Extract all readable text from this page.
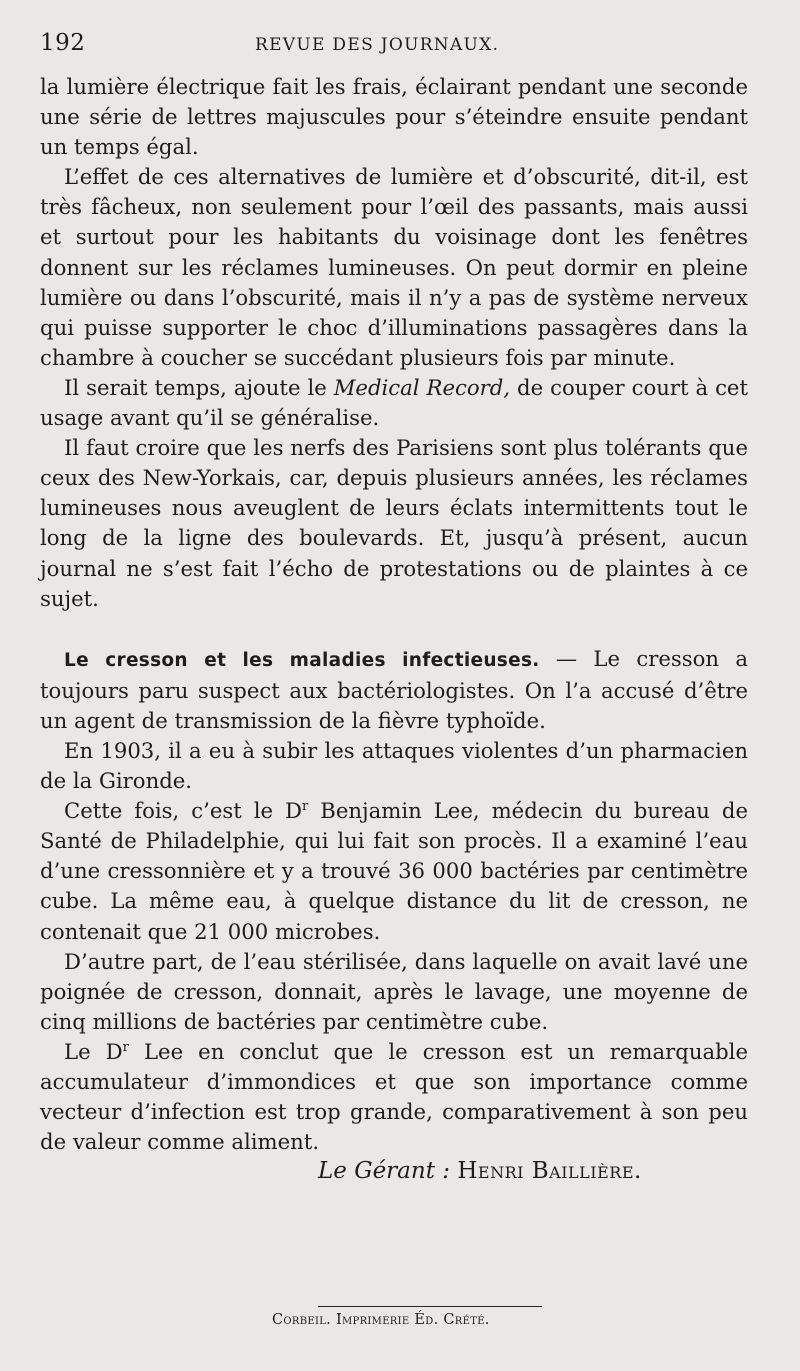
192	REVUE DES JOURNAUX.

la lumière électrique fait les frais, éclairant pendant une seconde une série de lettres majuscules pour s’éteindre ensuite pendant un temps égal.

L’effet de ces alternatives de lumière et d’obscurité, dit-il, est très fâcheux, non seulement pour l’œil des passants, mais aussi et surtout pour les habitants du voisinage dont les fenêtres donnent sur les réclames lumineuses. On peut dormir en pleine lumière ou dans l’obscurité, mais il n’y a pas de système nerveux qui puisse supporter le choc d’illuminations passagères dans la chambre à coucher se succédant plusieurs fois par minute.

Il serait temps, ajoute le Medical Record, de couper court à cet usage avant qu’il se généralise.

Il faut croire que les nerfs des Parisiens sont plus tolérants que ceux des New-Yorkais, car, depuis plusieurs années, les réclames lumineuses nous aveuglent de leurs éclats intermittents tout le long de la ligne des boulevards. Et, jusqu’à présent, aucun journal ne s’est fait l’écho de protestations ou de plaintes à ce sujet.

Le cresson et les maladies infectieuses. — Le cresson a toujours paru suspect aux bactériologistes. On l’a accusé d’être un agent de transmission de la fièvre typhoïde.

En 1903, il a eu à subir les attaques violentes d’un pharmacien de la Gironde.

Cette fois, c’est le $D^r$ Benjamin Lee, médecin du bureau de Santé de Philadelphie, qui lui fait son procès. Il a examiné l’eau d’une cressonnière et y a trouvé 36 000 bactéries par centimètre cube. La même eau, à quelque distance du lit de cresson, ne contenait que 21 000 microbes.

D’autre part, de l’eau stérilisée, dans laquelle on avait lavé une poignée de cresson, donnait, après le lavage, une moyenne de cinq millions de bactéries par centimètre cube.

Le $D^r$ Lee en conclut que le cresson est un remarquable accumulateur d’immondices et que son importance comme vecteur d’infection est trop grande, comparativement à son peu de valeur comme aliment.

Le Gérant : Henri Baillière.
Corbeil. Imprimerie Éd. Crété.
